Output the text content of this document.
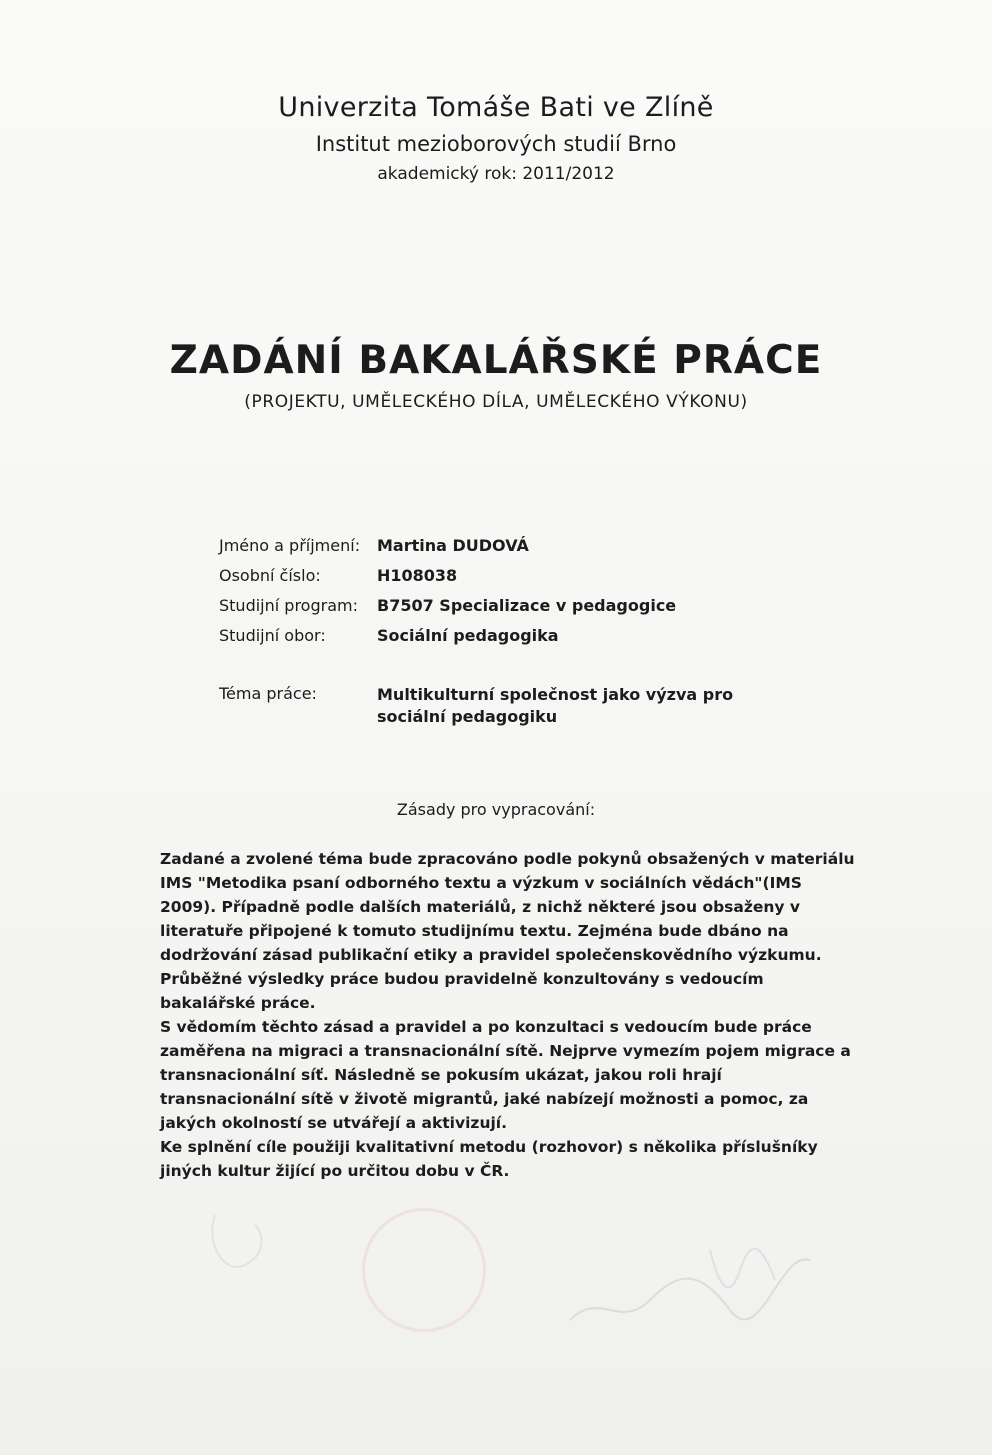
Univerzita Tomáše Bati ve Zlíně
Institut mezioborových studií Brno
akademický rok: 2011/2012
ZADÁNÍ BAKALÁŘSKÉ PRÁCE
(PROJEKTU, UMĚLECKÉHO DÍLA, UMĚLECKÉHO VÝKONU)
Jméno a příjmení:	Martina DUDOVÁ
Osobní číslo:	H108038
Studijní program:	B7507 Specializace v pedagogice
Studijní obor:	Sociální pedagogika
Téma práce:	Multikulturní společnost jako výzva pro sociální pedagogiku
Zásady pro vypracování:

Zadané a zvolené téma bude zpracováno podle pokynů obsažených v materiálu IMS "Metodika psaní odborného textu a výzkum v sociálních vědách"(IMS 2009). Případně podle dalších materiálů, z nichž některé jsou obsaženy v literatuře připojené k tomuto studijnímu textu. Zejména bude dbáno na dodržování zásad publikační etiky a pravidel společenskovědního výzkumu. Průběžné výsledky práce budou pravidelně konzultovány s vedoucím bakalářské práce.

S vědomím těchto zásad a pravidel a po konzultaci s vedoucím bude práce zaměřena na migraci a transnacionální sítě. Nejprve vymezím pojem migrace a transnacionální síť. Následně se pokusím ukázat, jakou roli hrají transnacionální sítě v životě migrantů, jaké nabízejí možnosti a pomoc, za jakých okolností se utvářejí a aktivizují.

Ke splnění cíle použiji kvalitativní metodu (rozhovor) s několika příslušníky jiných kultur žijící po určitou dobu v ČR.
